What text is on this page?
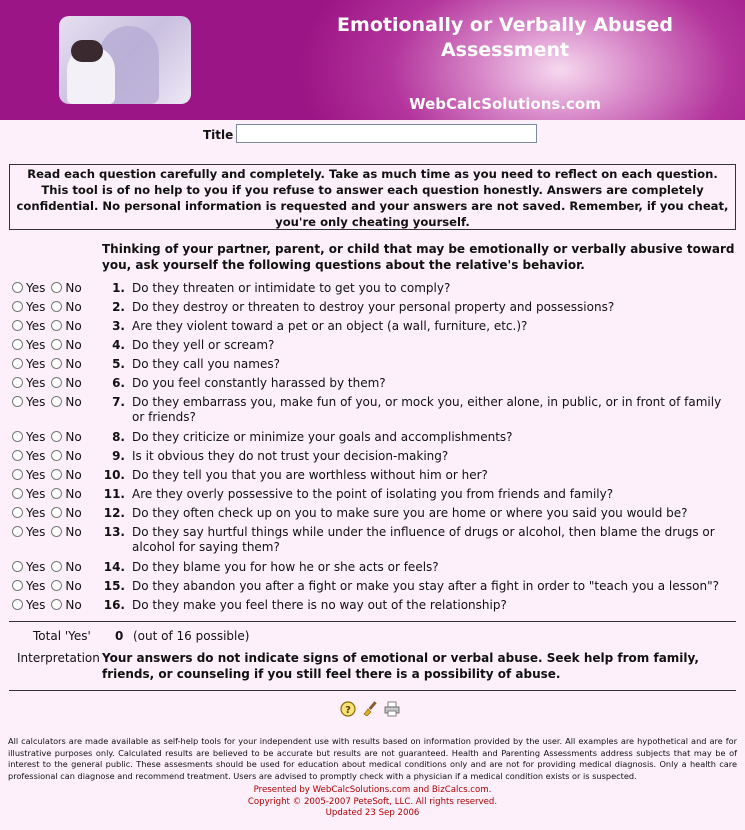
Emotionally or Verbally Abused
Assessment
WebCalcSolutions.com
Title
Read each question carefully and completely. Take as much time as you need to reflect on each question. This tool is of no help to you if you refuse to answer each question honestly. Answers are completely confidential. No personal information is requested and your answers are not saved. Remember, if you cheat, you're only cheating yourself.
Thinking of your partner, parent, or child that may be emotionally or verbally abusive toward you, ask yourself the following questions about the relative's behavior.
Yes No	1. Do they threaten or intimidate to get you to comply?
Yes No	2. Do they destroy or threaten to destroy your personal property and possessions?
Yes No	3. Are they violent toward a pet or an object (a wall, furniture, etc.)?
Yes No	4. Do they yell or scream?
Yes No	5. Do they call you names?
Yes No	6. Do you feel constantly harassed by them?
Yes No	7. Do they embarrass you, make fun of you, or mock you, either alone, in public, or in front of family or friends?
Yes No	8. Do they criticize or minimize your goals and accomplishments?
Yes No	9. Is it obvious they do not trust your decision-making?
Yes No	10. Do they tell you that you are worthless without him or her?
Yes No	11. Are they overly possessive to the point of isolating you from friends and family?
Yes No	12. Do they often check up on you to make sure you are home or where you said you would be?
Yes No	13. Do they say hurtful things while under the influence of drugs or alcohol, then blame the drugs or alcohol for saying them?
Yes No	14. Do they blame you for how he or she acts or feels?
Yes No	15. Do they abandon you after a fight or make you stay after a fight in order to "teach you a lesson"?
Yes No	16. Do they make you feel there is no way out of the relationship?
Total 'Yes' 0 (out of 16 possible)
Interpretation Your answers do not indicate signs of emotional or verbal abuse. Seek help from family, friends, or counseling if you still feel there is a possibility of abuse.
?
All calculators are made available as self-help tools for your independent use with results based on information provided by the user. All examples are hypothetical and are for illustrative purposes only. Calculated results are believed to be accurate but results are not guaranteed. Health and Parenting Assessments address subjects that may be of interest to the general public. These assesments should be used for education about medical conditions only and are not for providing medical diagnosis. Only a health care professional can diagnose and recommend treatment. Users are advised to promptly check with a physician if a medical condition exists or is suspected.
Presented by WebCalcSolutions.com and BizCalcs.com.
Copyright © 2005-2007 PeteSoft, LLC. All rights reserved.
Updated 23 Sep 2006
